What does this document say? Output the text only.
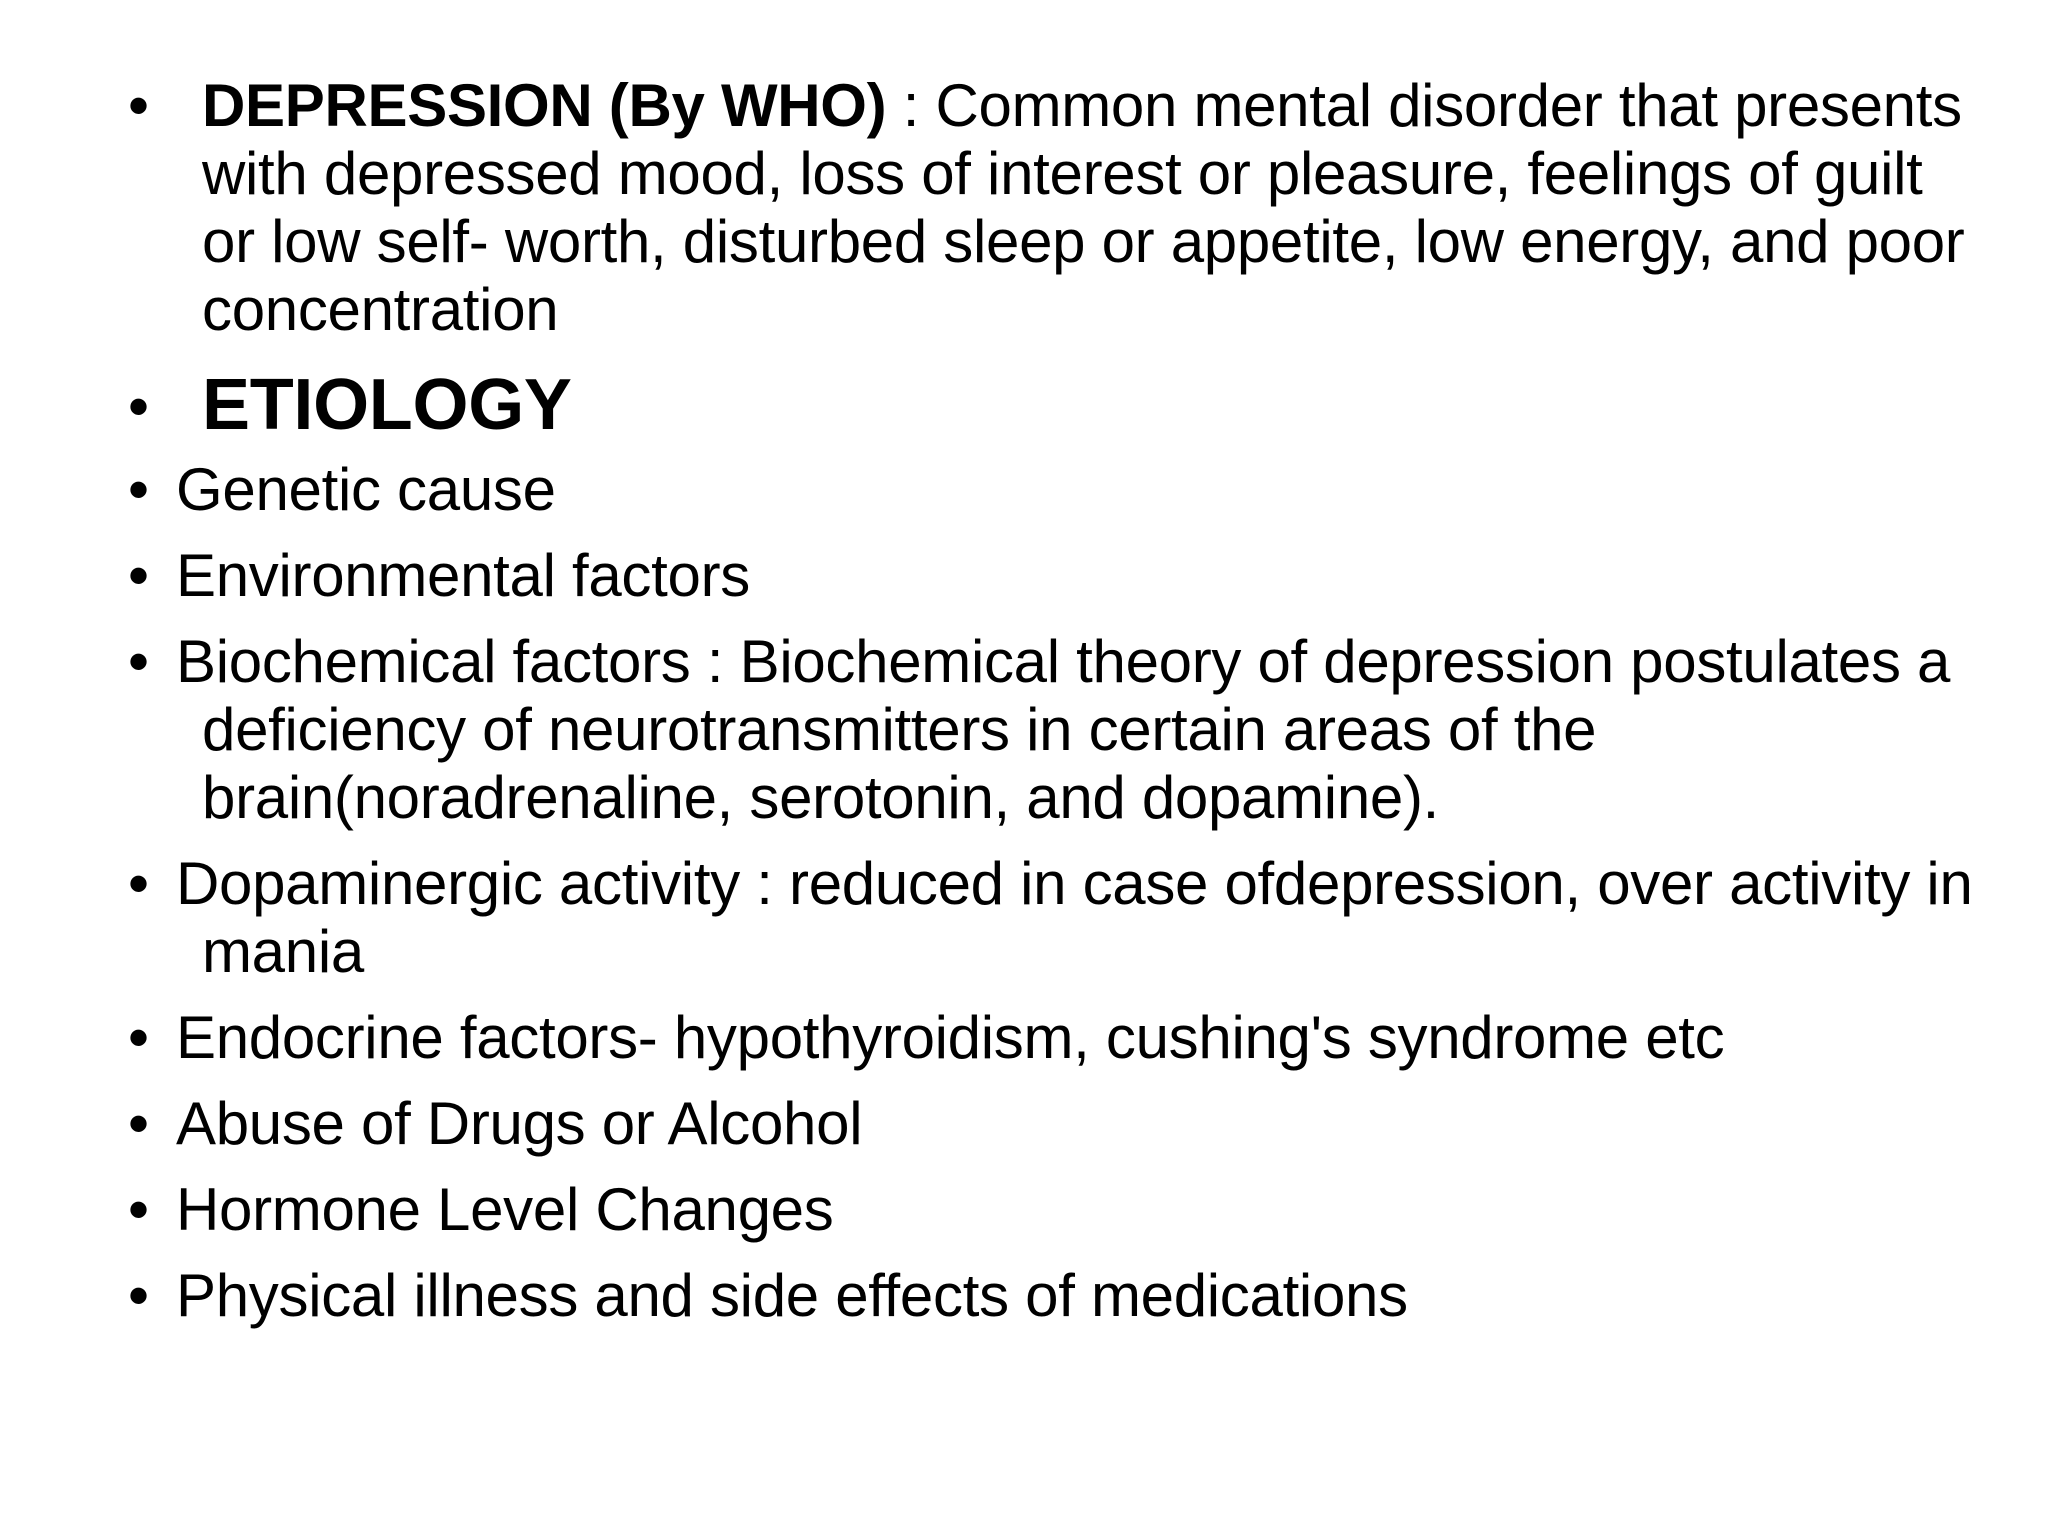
• DEPRESSION (By WHO) : Common mental disorder that presents with depressed mood, loss of interest or pleasure, feelings of guilt or low self- worth, disturbed sleep or appetite, low energy, and poor concentration
• ETIOLOGY
• Genetic cause
• Environmental factors
• Biochemical factors : Biochemical theory of depression postulates a deficiency of neurotransmitters in certain areas of the brain(noradrenaline, serotonin, and dopamine).
• Dopaminergic activity : reduced in case ofdepression, over activity in mania
• Endocrine factors- hypothyroidism, cushing's syndrome etc
• Abuse of Drugs or Alcohol
• Hormone Level Changes
• Physical illness and side effects of medications
